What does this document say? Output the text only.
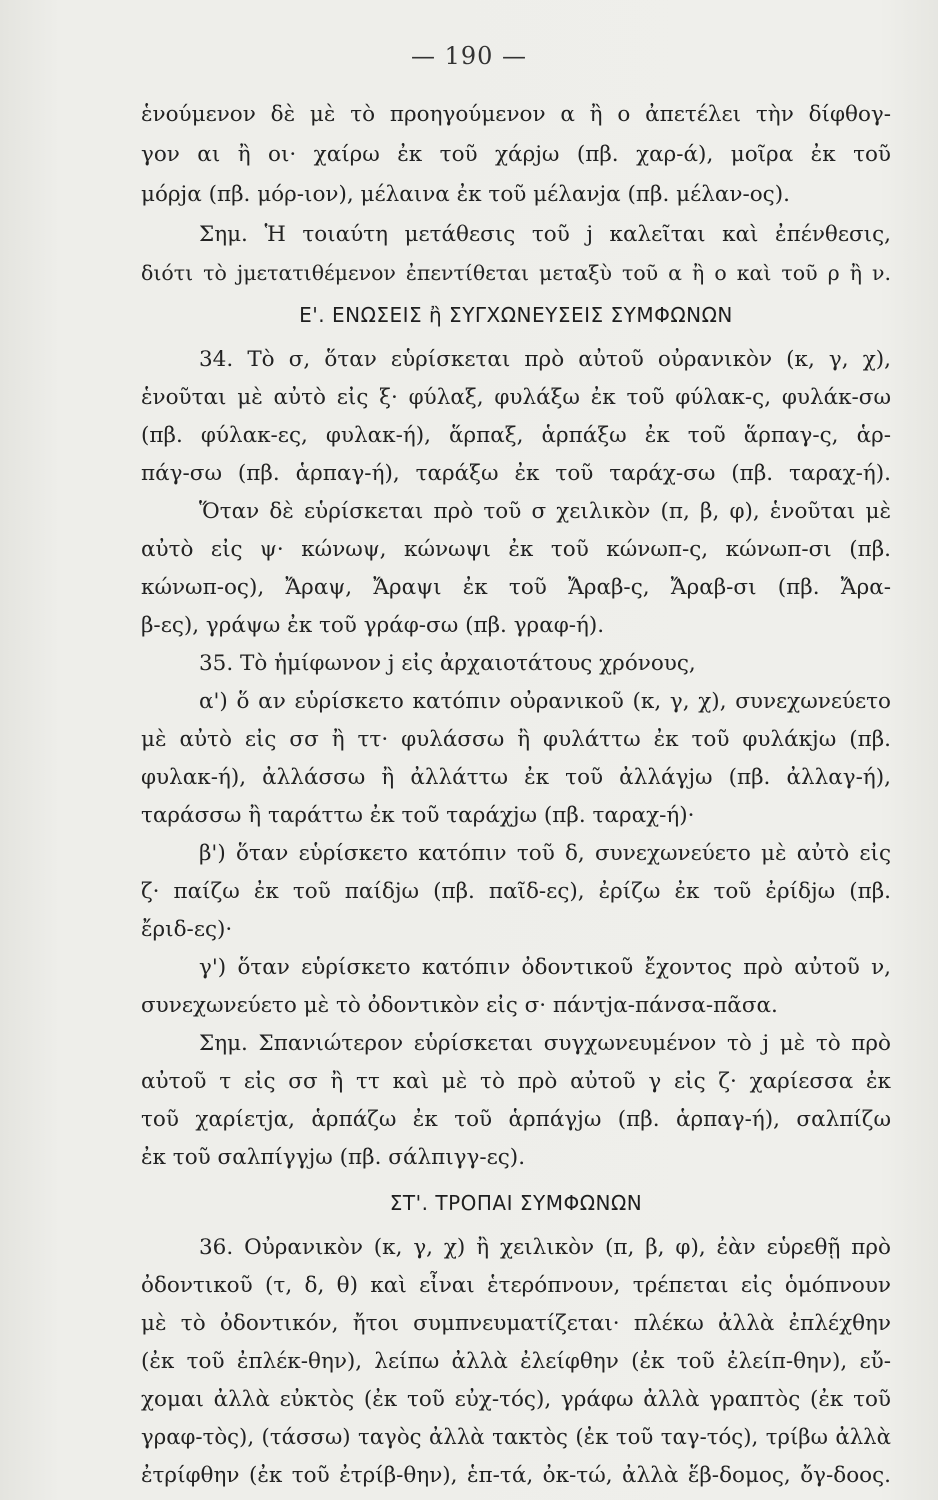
— 190 —
ἑνούμενον δὲ μὲ τὸ προηγούμενον α ἢ ο ἀπετέλει τὴν δίφθογ-
γον αι ἢ οι· χαίρω ἐκ τοῦ χάρjω (πβ. χαρ-ά), μοῖρα ἐκ τοῦ
μόρjα (πβ. μόρ-ιον), μέλαινα ἐκ τοῦ μέλανjα (πβ. μέλαν-ος).
Σημ. Ἡ τοιαύτη μετάθεσις τοῦ j καλεῖται καὶ ἐπένθεσις,
διότι τὸ jμετατιθέμενον ἐπεντίθεται μεταξὺ τοῦ α ἢ ο καὶ τοῦ ρ ἢ ν.
Ε'. ΕΝΩΣΕΙΣ ἢ ΣΥΓΧΩΝΕΥΣΕΙΣ ΣΥΜΦΩΝΩΝ
34. Τὸ σ, ὅταν εὑρίσκεται πρὸ αὐτοῦ οὐρανικὸν (κ, γ, χ),
ἑνοῦται μὲ αὐτὸ εἰς ξ· φύλαξ, φυλάξω ἐκ τοῦ φύλακ-ς, φυλάκ-σω
(πβ. φύλακ-ες, φυλακ-ή), ἅρπαξ, ἁρπάξω ἐκ τοῦ ἅρπαγ-ς, ἁρ-
πάγ-σω (πβ. ἁρπαγ-ή), ταράξω ἐκ τοῦ ταράχ-σω (πβ. ταραχ-ή).
Ὅταν δὲ εὑρίσκεται πρὸ τοῦ σ χειλικὸν (π, β, φ), ἑνοῦται μὲ
αὐτὸ εἰς ψ· κώνωψ, κώνωψι ἐκ τοῦ κώνωπ-ς, κώνωπ-σι (πβ.
κώνωπ-ος), Ἄραψ, Ἄραψι ἐκ τοῦ Ἄραβ-ς, Ἄραβ-σι (πβ. Ἄρα-
β-ες), γράψω ἐκ τοῦ γράφ-σω (πβ. γραφ-ή).
35. Τὸ ἡμίφωνον j εἰς ἀρχαιοτάτους χρόνους,
α') ὅ αν εὑρίσκετο κατόπιν οὐρανικοῦ (κ, γ, χ), συνεχωνεύετο
μὲ αὐτὸ εἰς σσ ἢ ττ· φυλάσσω ἢ φυλάττω ἐκ τοῦ φυλάκjω (πβ.
φυλακ-ή), ἀλλάσσω ἢ ἀλλάττω ἐκ τοῦ ἀλλάγjω (πβ. ἀλλαγ-ή),
ταράσσω ἢ ταράττω ἐκ τοῦ ταράχjω (πβ. ταραχ-ή)·
β') ὅταν εὑρίσκετο κατόπιν τοῦ δ, συνεχωνεύετο μὲ αὐτὸ εἰς
ζ· παίζω ἐκ τοῦ παίδjω (πβ. παῖδ-ες), ἐρίζω ἐκ τοῦ ἐρίδjω (πβ.
ἔριδ-ες)·
γ') ὅταν εὑρίσκετο κατόπιν ὀδοντικοῦ ἔχοντος πρὸ αὐτοῦ ν,
συνεχωνεύετο μὲ τὸ ὀδοντικὸν εἰς σ· πάντjα-πάνσα-πᾶσα.
Σημ. Σπανιώτερον εὑρίσκεται συγχωνευμένον τὸ j μὲ τὸ πρὸ
αὐτοῦ τ εἰς σσ ἢ ττ καὶ μὲ τὸ πρὸ αὐτοῦ γ εἰς ζ· χαρίεσσα ἐκ
τοῦ χαρίετjα, ἁρπάζω ἐκ τοῦ ἁρπάγjω (πβ. ἁρπαγ-ή), σαλπίζω
ἐκ τοῦ σαλπίγγjω (πβ. σάλπιγγ-ες).
ΣΤ'. ΤΡΟΠΑΙ ΣΥΜΦΩΝΩΝ
36. Οὐρανικὸν (κ, γ, χ) ἢ χειλικὸν (π, β, φ), ἐὰν εὑρεθῇ πρὸ
ὀδοντικοῦ (τ, δ, θ) καὶ εἶναι ἑτερόπνουν, τρέπεται εἰς ὁμόπνουν
μὲ τὸ ὀδοντικόν, ἤτοι συμπνευματίζεται· πλέκω ἀλλὰ ἐπλέχθην
(ἐκ τοῦ ἐπλέκ-θην), λείπω ἀλλὰ ἐλείφθην (ἐκ τοῦ ἐλείπ-θην), εὔ-
χομαι ἀλλὰ εὐκτὸς (ἐκ τοῦ εὐχ-τός), γράφω ἀλλὰ γραπτὸς (ἐκ τοῦ
γραφ-τὸς), (τάσσω) ταγὸς ἀλλὰ τακτὸς (ἐκ τοῦ ταγ-τός), τρίβω ἀλλὰ
ἐτρίφθην (ἐκ τοῦ ἐτρίβ-θην), ἑπ-τά, ὀκ-τώ, ἀλλὰ ἕβ-δομος, ὄγ-δοος.
